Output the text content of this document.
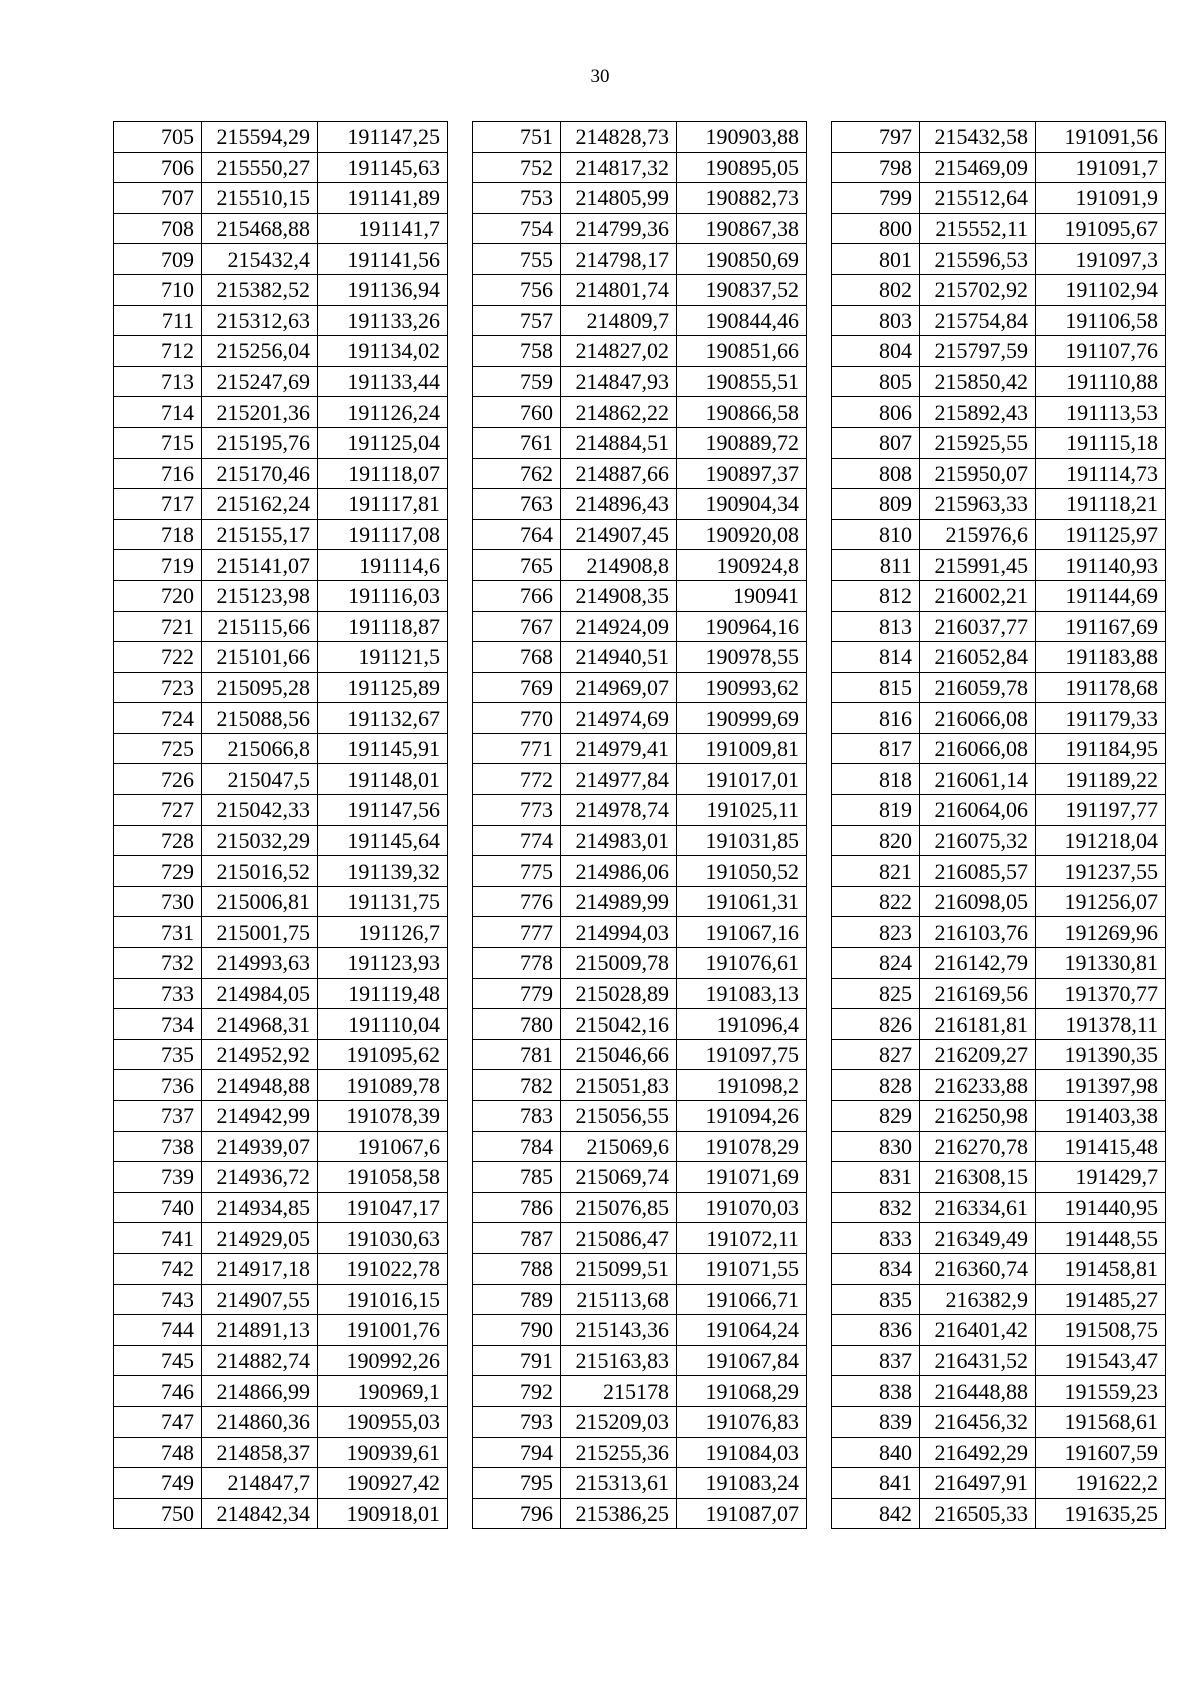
30
705	215594,29	191147,25
706	215550,27	191145,63
707	215510,15	191141,89
708	215468,88	191141,7
709	215432,4	191141,56
710	215382,52	191136,94
711	215312,63	191133,26
712	215256,04	191134,02
713	215247,69	191133,44
714	215201,36	191126,24
715	215195,76	191125,04
716	215170,46	191118,07
717	215162,24	191117,81
718	215155,17	191117,08
719	215141,07	191114,6
720	215123,98	191116,03
721	215115,66	191118,87
722	215101,66	191121,5
723	215095,28	191125,89
724	215088,56	191132,67
725	215066,8	191145,91
726	215047,5	191148,01
727	215042,33	191147,56
728	215032,29	191145,64
729	215016,52	191139,32
730	215006,81	191131,75
731	215001,75	191126,7
732	214993,63	191123,93
733	214984,05	191119,48
734	214968,31	191110,04
735	214952,92	191095,62
736	214948,88	191089,78
737	214942,99	191078,39
738	214939,07	191067,6
739	214936,72	191058,58
740	214934,85	191047,17
741	214929,05	191030,63
742	214917,18	191022,78
743	214907,55	191016,15
744	214891,13	191001,76
745	214882,74	190992,26
746	214866,99	190969,1
747	214860,36	190955,03
748	214858,37	190939,61
749	214847,7	190927,42
750	214842,34	190918,01
751	214828,73	190903,88
752	214817,32	190895,05
753	214805,99	190882,73
754	214799,36	190867,38
755	214798,17	190850,69
756	214801,74	190837,52
757	214809,7	190844,46
758	214827,02	190851,66
759	214847,93	190855,51
760	214862,22	190866,58
761	214884,51	190889,72
762	214887,66	190897,37
763	214896,43	190904,34
764	214907,45	190920,08
765	214908,8	190924,8
766	214908,35	190941
767	214924,09	190964,16
768	214940,51	190978,55
769	214969,07	190993,62
770	214974,69	190999,69
771	214979,41	191009,81
772	214977,84	191017,01
773	214978,74	191025,11
774	214983,01	191031,85
775	214986,06	191050,52
776	214989,99	191061,31
777	214994,03	191067,16
778	215009,78	191076,61
779	215028,89	191083,13
780	215042,16	191096,4
781	215046,66	191097,75
782	215051,83	191098,2
783	215056,55	191094,26
784	215069,6	191078,29
785	215069,74	191071,69
786	215076,85	191070,03
787	215086,47	191072,11
788	215099,51	191071,55
789	215113,68	191066,71
790	215143,36	191064,24
791	215163,83	191067,84
792	215178	191068,29
793	215209,03	191076,83
794	215255,36	191084,03
795	215313,61	191083,24
796	215386,25	191087,07
797	215432,58	191091,56
798	215469,09	191091,7
799	215512,64	191091,9
800	215552,11	191095,67
801	215596,53	191097,3
802	215702,92	191102,94
803	215754,84	191106,58
804	215797,59	191107,76
805	215850,42	191110,88
806	215892,43	191113,53
807	215925,55	191115,18
808	215950,07	191114,73
809	215963,33	191118,21
810	215976,6	191125,97
811	215991,45	191140,93
812	216002,21	191144,69
813	216037,77	191167,69
814	216052,84	191183,88
815	216059,78	191178,68
816	216066,08	191179,33
817	216066,08	191184,95
818	216061,14	191189,22
819	216064,06	191197,77
820	216075,32	191218,04
821	216085,57	191237,55
822	216098,05	191256,07
823	216103,76	191269,96
824	216142,79	191330,81
825	216169,56	191370,77
826	216181,81	191378,11
827	216209,27	191390,35
828	216233,88	191397,98
829	216250,98	191403,38
830	216270,78	191415,48
831	216308,15	191429,7
832	216334,61	191440,95
833	216349,49	191448,55
834	216360,74	191458,81
835	216382,9	191485,27
836	216401,42	191508,75
837	216431,52	191543,47
838	216448,88	191559,23
839	216456,32	191568,61
840	216492,29	191607,59
841	216497,91	191622,2
842	216505,33	191635,25
